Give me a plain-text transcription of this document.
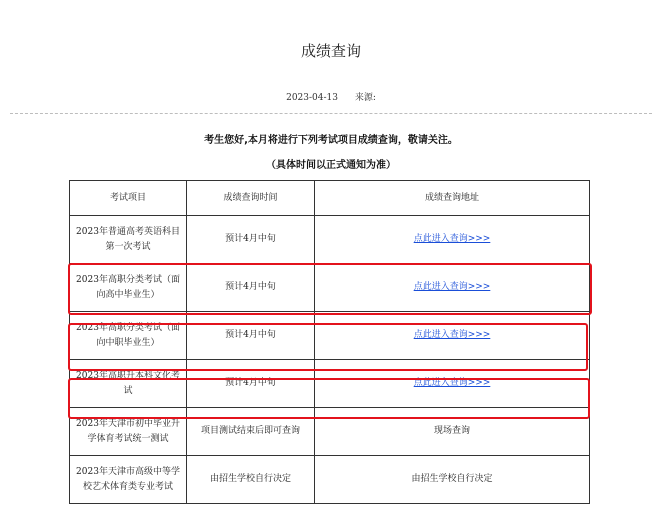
成绩查询
2023-04-13 来源:
考生您好,本月将进行下列考试项目成绩查询，敬请关注。
（具体时间以正式通知为准）
考试项目	成绩查询时间	成绩查询地址
2023年普通高考英语科目第一次考试	预计4月中旬	点此进入查询>>>
2023年高职分类考试（面向高中毕业生）	预计4月中旬	点此进入查询>>>
2023年高职分类考试（面向中职毕业生）	预计4月中旬	点此进入查询>>>
2023年高职升本科文化考试	预计4月中旬	点此进入查询>>>
2023年天津市初中毕业升学体育考试统一测试	项目测试结束后即可查询	现场查询
2023年天津市高级中等学校艺术体育类专业考试	由招生学校自行决定	由招生学校自行决定
